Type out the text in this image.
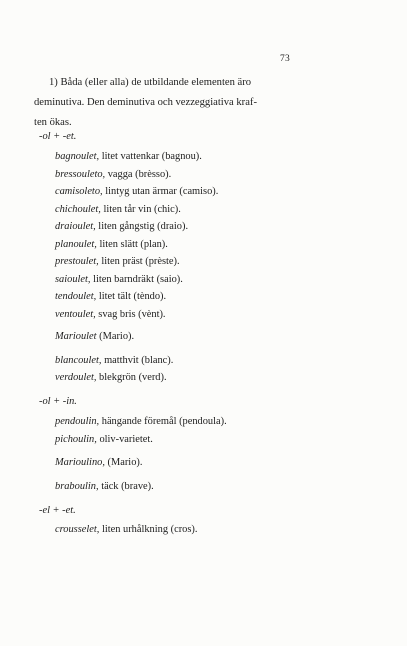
73
1) Båda (eller alla) de utbildande elementen äro
deminutiva. Den deminutiva och vezzeggiativa kraf-
ten ökas.
-ol + -et.
bagnoulet, litet vattenkar (bagnou).
bressouleto, vagga (brèsso).
camisoleto, lintyg utan ärmar (camiso).
chichoulet, liten tår vin (chic).
draioulet, liten gångstig (draio).
planoulet, liten slätt (plan).
prestoulet, liten präst (prèste).
saioulet, liten barndräkt (saio).
tendoulet, litet tält (tèndo).
ventoulet, svag bris (vènt).
Marioulet (Mario).
blancoulet, matthvit (blanc).
verdoulet, blekgrön (verd).
-ol + -in.
pendoulin, hängande föremål (pendoula).
pichoulin, oliv-varietet.
Marioulino, (Mario).
braboulin, täck (brave).
-el + -et.
crousselet, liten urhålkning (cros).
